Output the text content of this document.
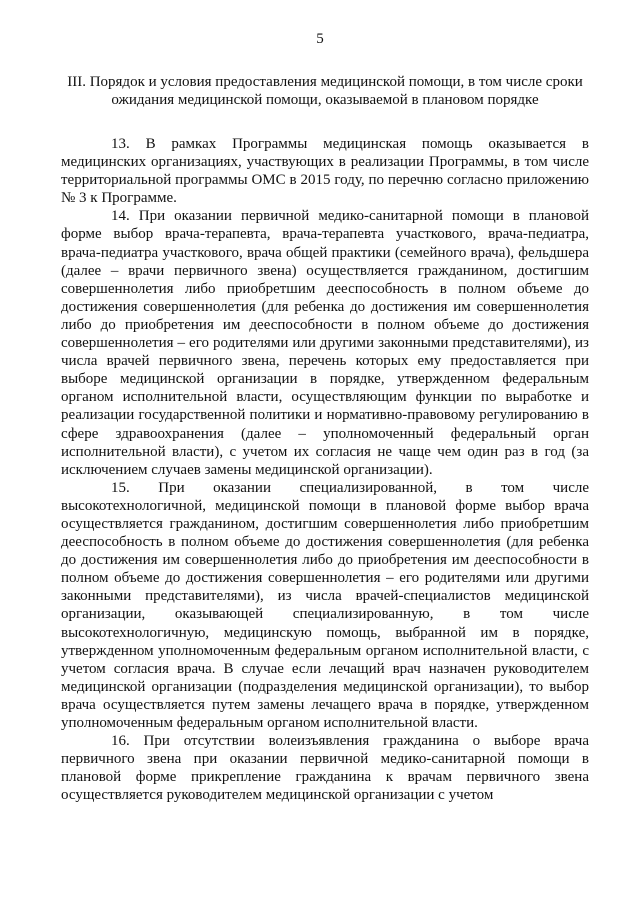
5
III. Порядок и условия предоставления медицинской помощи, в том числе сроки ожидания медицинской помощи, оказываемой в плановом порядке

13. В рамках Программы медицинская помощь оказывается в медицинских организациях, участвующих в реализации Программы, в том числе территориальной программы ОМС в 2015 году, по перечню согласно приложению № 3 к Программе.

14. При оказании первичной медико-санитарной помощи в плановой форме выбор врача-терапевта, врача-терапевта участкового, врача-педиатра, врача-педиатра участкового, врача общей практики (семейного врача), фельдшера (далее – врачи первичного звена) осуществляется гражданином, достигшим совершеннолетия либо приобретшим дееспособность в полном объеме до достижения совершеннолетия (для ребенка до достижения им совершеннолетия либо до приобретения им дееспособности в полном объеме до достижения совершеннолетия – его родителями или другими законными представителями), из числа врачей первичного звена, перечень которых ему предоставляется при выборе медицинской организации в порядке, утвержденном федеральным органом исполнительной власти, осуществляющим функции по выработке и реализации государственной политики и нормативно-правовому регулированию в сфере здравоохранения (далее – уполномоченный федеральный орган исполнительной власти), с учетом их согласия не чаще чем один раз в год (за исключением случаев замены медицинской организации).

15. При оказании специализированной, в том числе высокотехнологичной, медицинской помощи в плановой форме выбор врача осуществляется гражданином, достигшим совершеннолетия либо приобретшим дееспособность в полном объеме до достижения совершеннолетия (для ребенка до достижения им совершеннолетия либо до приобретения им дееспособности в полном объеме до достижения совершеннолетия – его родителями или другими законными представителями), из числа врачей-специалистов медицинской организации, оказывающей специализированную, в том числе высокотехнологичную, медицинскую помощь, выбранной им в порядке, утвержденном уполномоченным федеральным органом исполнительной власти, с учетом согласия врача. В случае если лечащий врач назначен руководителем медицинской организации (подразделения медицинской организации), то выбор врача осуществляется путем замены лечащего врача в порядке, утвержденном уполномоченным федеральным органом исполнительной власти.

16. При отсутствии волеизъявления гражданина о выборе врача первичного звена при оказании первичной медико-санитарной помощи в плановой форме прикрепление гражданина к врачам первичного звена осуществляется руководителем медицинской организации с учетом
